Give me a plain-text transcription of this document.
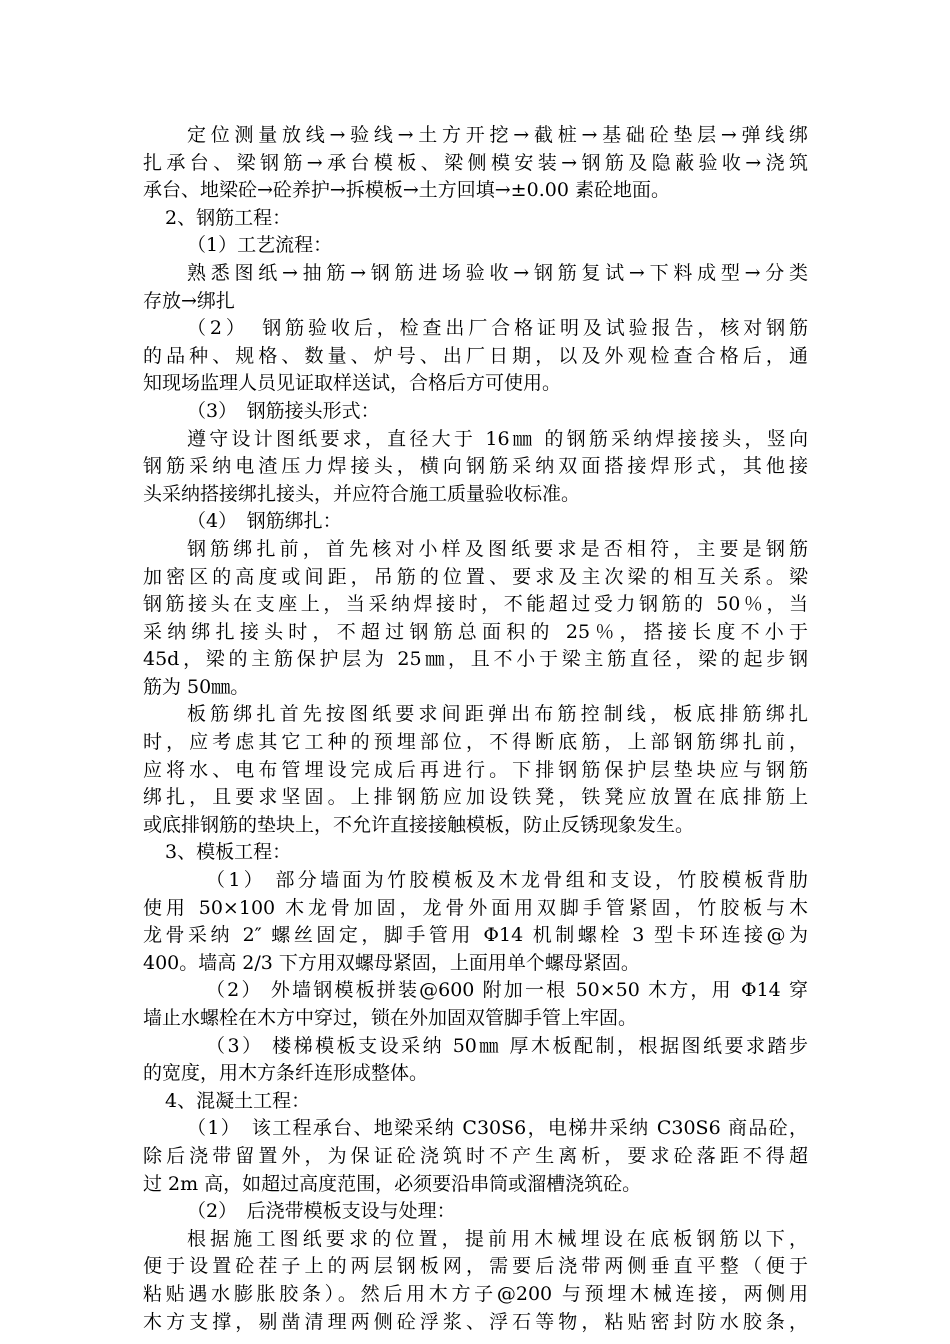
定位测量放线→验线→土方开挖→截桩→基础砼垫层→弹线绑
扎承台、梁钢筋→承台模板、梁侧模安装→钢筋及隐蔽验收→浇筑
承台、地梁砼→砼养护→拆模板→土方回填→±0.00 素砼地面。
2、钢筋工程：
（1）工艺流程：
熟悉图纸→抽筋→钢筋进场验收→钢筋复试→下料成型→分类
存放→绑扎
（2）　钢筋验收后，检查出厂合格证明及试验报告，核对钢筋
的品种、规格、数量、炉号、出厂日期，以及外观检查合格后，通
知现场监理人员见证取样送试，合格后方可使用。
（3）　钢筋接头形式：
遵守设计图纸要求，直径大于 16㎜ 的钢筋采纳焊接接头，竖向
钢筋采纳电渣压力焊接头，横向钢筋采纳双面搭接焊形式，其他接
头采纳搭接绑扎接头，并应符合施工质量验收标准。
（4）　钢筋绑扎：
钢筋绑扎前，首先核对小样及图纸要求是否相符，主要是钢筋
加密区的高度或间距，吊筋的位置、要求及主次梁的相互关系。梁
钢筋接头在支座上，当采纳焊接时，不能超过受力钢筋的 50％，当
采纳绑扎接头时，不超过钢筋总面积的 25％，搭接长度不小于
45d，梁的主筋保护层为 25㎜，且不小于梁主筋直径，梁的起步钢
筋为 50㎜。
板筋绑扎首先按图纸要求间距弹出布筋控制线，板底排筋绑扎
时，应考虑其它工种的预埋部位，不得断底筋，上部钢筋绑扎前，
应将水、电布管埋设完成后再进行。下排钢筋保护层垫块应与钢筋
绑扎，且要求坚固。上排钢筋应加设铁凳，铁凳应放置在底排筋上
或底排钢筋的垫块上，不允许直接接触模板，防止反锈现象发生。
3、模板工程：
（1） 部分墙面为竹胶模板及木龙骨组和支设，竹胶模板背肋
使用 50×100 木龙骨加固，龙骨外面用双脚手管紧固，竹胶板与木
龙骨采纳 2″ 螺丝固定，脚手管用 Φ14 机制螺栓 3 型卡环连接@为
400。墙高 2/3 下方用双螺母紧固，上面用单个螺母紧固。
（2） 外墙钢模板拼装@600 附加一根 50×50 木方，用 Φ14 穿
墙止水螺栓在木方中穿过，锁在外加固双管脚手管上牢固。
（3） 楼梯模板支设采纳 50㎜ 厚木板配制，根据图纸要求踏步
的宽度，用木方条纤连形成整体。
4、混凝土工程：
（1）　该工程承台、地梁采纳 C30S6，电梯井采纳 C30S6 商品砼，
除后浇带留置外，为保证砼浇筑时不产生离析，要求砼落距不得超
过 2m 高，如超过高度范围，必须要沿串筒或溜槽浇筑砼。
（2）　后浇带模板支设与处理：
根据施工图纸要求的位置，提前用木械埋设在底板钢筋以下，
便于设置砼茬子上的两层钢板网，需要后浇带两侧垂直平整（便于
粘贴遇水膨胀胶条）。然后用木方子@200 与预埋木械连接，两侧用
木方支撑，剔凿清理两侧砼浮浆、浮石等物，粘贴密封防水胶条，
